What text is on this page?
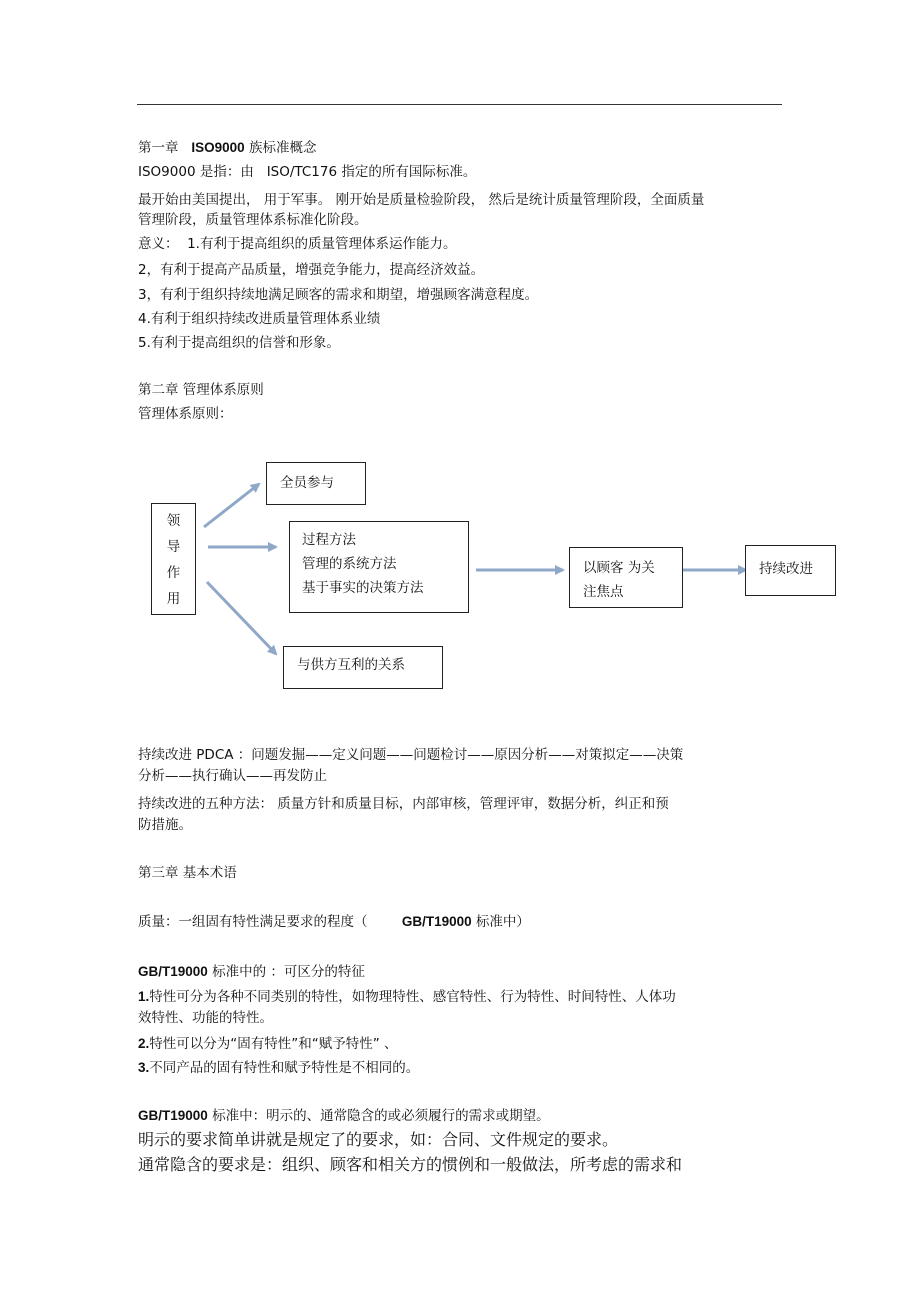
第一章 ISO9000 族标准概念
ISO9000 是指：由 ISO/TC176 指定的所有国际标准。
最开始由美国提出， 用于军事。 刚开始是质量检验阶段， 然后是统计质量管理阶段，全面质量
管理阶段，质量管理体系标准化阶段。
意义： 1.有利于提高组织的质量管理体系运作能力。
2，有利于提高产品质量，增强竞争能力，提高经济效益。
3，有利于组织持续地满足顾客的需求和期望，增强顾客满意程度。
4.有利于组织持续改进质量管理体系业绩
5.有利于提高组织的信誉和形象。
第二章 管理体系原则
管理体系原则：
领
导
作
用
全员参与
过程方法
管理的系统方法
基于事实的决策方法
与供方互利的关系
以顾客 为关
注焦点
持续改进
持续改进 PDCA ：问题发掘——定义问题——问题检讨——原因分析——对策拟定——决策
分析——执行确认——再发防止
持续改进的五种方法： 质量方针和质量目标，内部审核，管理评审，数据分析，纠正和预
防措施。
第三章 基本术语
质量：一组固有特性满足要求的程度（	GB/T19000 标准中）
GB/T19000 标准中的 ：可区分的特征
1.特性可分为各种不同类别的特性，如物理特性、感官特性、行为特性、时间特性、人体功
效特性、功能的特性。
2.特性可以分为“固有特性”和“赋予特性” 、
3.不同产品的固有特性和赋予特性是不相同的。
GB/T19000 标准中：明示的、通常隐含的或必须履行的需求或期望。
明示的要求简单讲就是规定了的要求，如：合同、文件规定的要求。
通常隐含的要求是：组织、顾客和相关方的惯例和一般做法，所考虑的需求和
